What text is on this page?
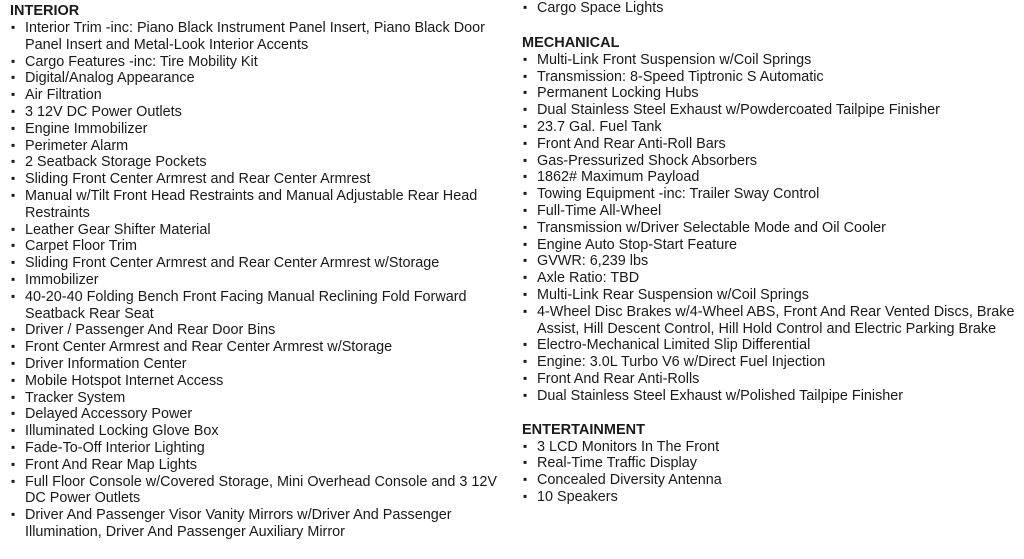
INTERIOR
▪ Interior Trim -inc: Piano Black Instrument Panel Insert, Piano Black Door Panel Insert and Metal-Look Interior Accents
▪ Cargo Features -inc: Tire Mobility Kit
▪ Digital/Analog Appearance
▪ Air Filtration
▪ 3 12V DC Power Outlets
▪ Engine Immobilizer
▪ Perimeter Alarm
▪ 2 Seatback Storage Pockets
▪ Sliding Front Center Armrest and Rear Center Armrest
▪ Manual w/Tilt Front Head Restraints and Manual Adjustable Rear Head Restraints
▪ Leather Gear Shifter Material
▪ Carpet Floor Trim
▪ Sliding Front Center Armrest and Rear Center Armrest w/Storage
▪ Immobilizer
▪ 40-20-40 Folding Bench Front Facing Manual Reclining Fold Forward Seatback Rear Seat
▪ Driver / Passenger And Rear Door Bins
▪ Front Center Armrest and Rear Center Armrest w/Storage
▪ Driver Information Center
▪ Mobile Hotspot Internet Access
▪ Tracker System
▪ Delayed Accessory Power
▪ Illuminated Locking Glove Box
▪ Fade-To-Off Interior Lighting
▪ Front And Rear Map Lights
▪ Full Floor Console w/Covered Storage, Mini Overhead Console and 3 12V DC Power Outlets
▪ Driver And Passenger Visor Vanity Mirrors w/Driver And Passenger Illumination, Driver And Passenger Auxiliary Mirror
▪ Cargo Space Lights
MECHANICAL
▪ Multi-Link Front Suspension w/Coil Springs
▪ Transmission: 8-Speed Tiptronic S Automatic
▪ Permanent Locking Hubs
▪ Dual Stainless Steel Exhaust w/Powdercoated Tailpipe Finisher
▪ 23.7 Gal. Fuel Tank
▪ Front And Rear Anti-Roll Bars
▪ Gas-Pressurized Shock Absorbers
▪ 1862# Maximum Payload
▪ Towing Equipment -inc: Trailer Sway Control
▪ Full-Time All-Wheel
▪ Transmission w/Driver Selectable Mode and Oil Cooler
▪ Engine Auto Stop-Start Feature
▪ GVWR: 6,239 lbs
▪ Axle Ratio: TBD
▪ Multi-Link Rear Suspension w/Coil Springs
▪ 4-Wheel Disc Brakes w/4-Wheel ABS, Front And Rear Vented Discs, Brake Assist, Hill Descent Control, Hill Hold Control and Electric Parking Brake
▪ Electro-Mechanical Limited Slip Differential
▪ Engine: 3.0L Turbo V6 w/Direct Fuel Injection
▪ Front And Rear Anti-Rolls
▪ Dual Stainless Steel Exhaust w/Polished Tailpipe Finisher
ENTERTAINMENT
▪ 3 LCD Monitors In The Front
▪ Real-Time Traffic Display
▪ Concealed Diversity Antenna
▪ 10 Speakers
